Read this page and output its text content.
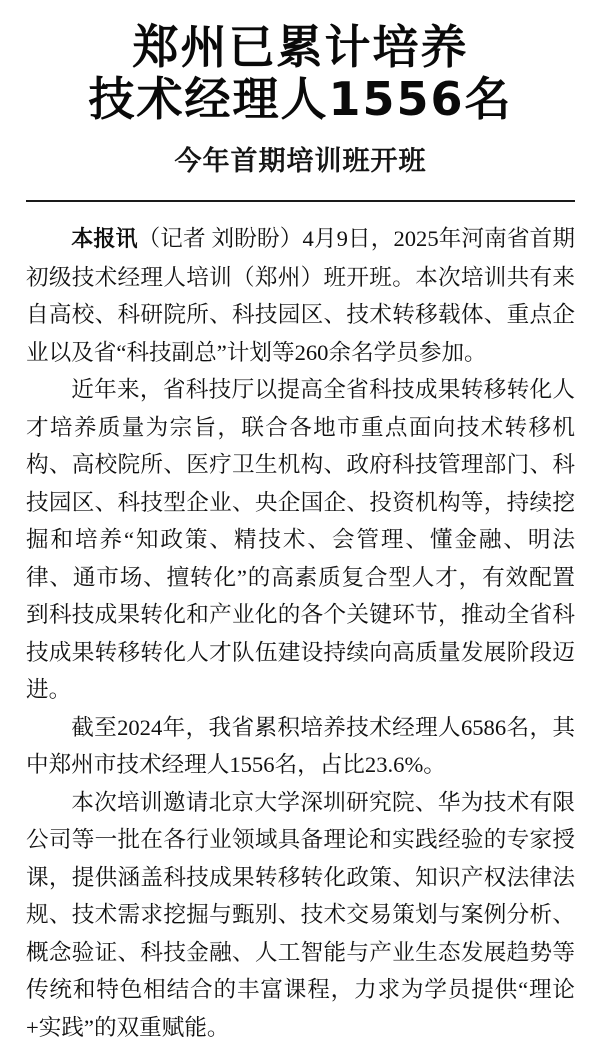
郑州已累计培养
技术经理人1556名
今年首期培训班开班

本报讯（记者 刘盼盼）4月9日，2025年河南省首期初级技术经理人培训（郑州）班开班。本次培训共有来自高校、科研院所、科技园区、技术转移载体、重点企业以及省“科技副总”计划等260余名学员参加。

近年来，省科技厅以提高全省科技成果转移转化人才培养质量为宗旨，联合各地市重点面向技术转移机构、高校院所、医疗卫生机构、政府科技管理部门、科技园区、科技型企业、央企国企、投资机构等，持续挖掘和培养“知政策、精技术、会管理、懂金融、明法律、通市场、擅转化”的高素质复合型人才，有效配置到科技成果转化和产业化的各个关键环节，推动全省科技成果转移转化人才队伍建设持续向高质量发展阶段迈进。

截至2024年，我省累积培养技术经理人6586名，其中郑州市技术经理人1556名，占比23.6%。

本次培训邀请北京大学深圳研究院、华为技术有限公司等一批在各行业领域具备理论和实践经验的专家授课，提供涵盖科技成果转移转化政策、知识产权法律法规、技术需求挖掘与甄别、技术交易策划与案例分析、概念验证、科技金融、人工智能与产业生态发展趋势等传统和特色相结合的丰富课程，力求为学员提供“理论+实践”的双重赋能。
